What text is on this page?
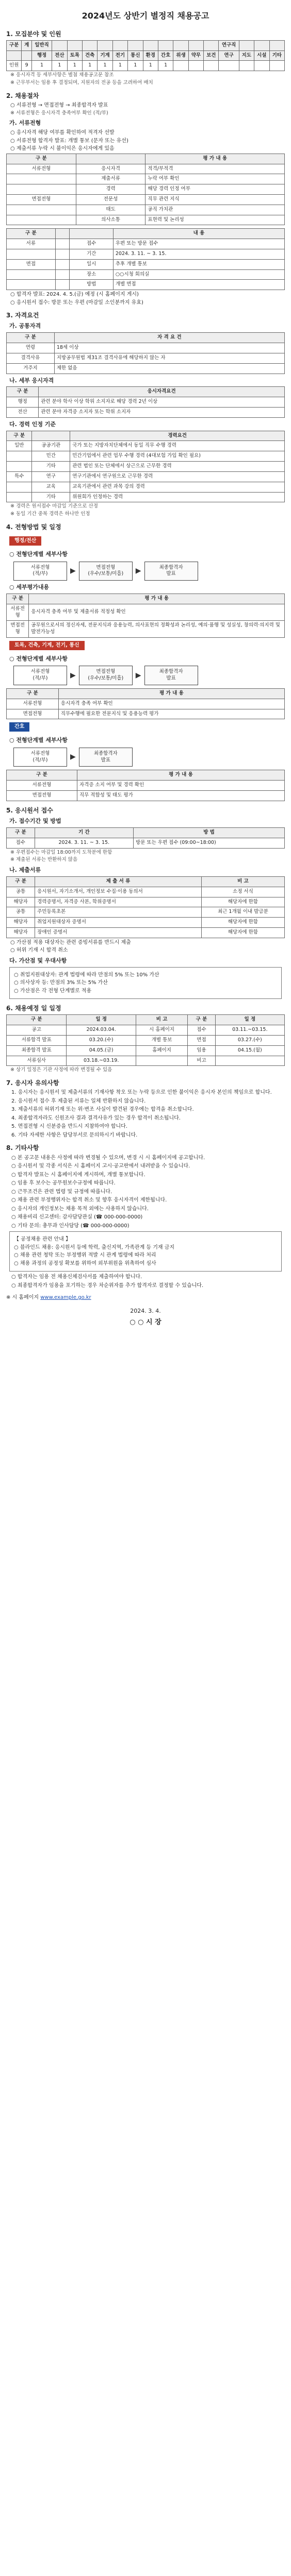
2024년도 상반기 별정직 채용공고
1. 모집분야 및 인원
구분	계	일반직												연구직			
		행정	전산	토목	건축	기계	전기	통신	환경	간호	위생	약무	보건	연구	지도	시설	기타
인원	9	1	1	1	1	1	1	1	1	1							
※ 응시자격 등 세부사항은 별첨 채용공고문 참조
※ 근무부서는 임용 후 결정되며, 지원자의 전공 등을 고려하여 배치
2. 채용절차
○ 서류전형 → 면접전형 → 최종합격자 발표
※ 서류전형은 응시자격 충족여부 확인 (적/부)
가. 서류전형

○ 응시자격 해당 여부를 확인하여 적격자 선발

○ 서류전형 합격자 발표: 개별 통보 (문자 또는 유선)

○ 제출서류 누락 시 불이익은 응시자에게 있음

구 분		평 가 내 용
서류전형	응시자격	적격/부적격
	제출서류	누락 여부 확인
	경력	해당 경력 인정 여부
면접전형	전문성	직무 관련 지식
	태도	공직 가치관
	의사소통	표현력 및 논리성
구 분			내 용
서류		접수	우편 또는 방문 접수
		기간	2024. 3. 11. ~ 3. 15.
면접		일시	추후 개별 통보
		장소	○○시청 회의실
		방법	개별 면접

○ 합격자 발표: 2024. 4. 5.(금) 예정 (시 홈페이지 게시)

○ 응시원서 접수: 방문 또는 우편 (마감일 소인분까지 유효)

3. 자격요건
가. 공통자격
구 분	자 격 요 건
연령	18세 이상
결격사유	지방공무원법 제31조 결격사유에 해당하지 않는 자
거주지	제한 없음
나. 세부 응시자격
구 분	응시자격요건
행정	관련 분야 학사 이상 학위 소지자로 해당 경력 2년 이상
전산	관련 분야 자격증 소지자 또는 학위 소지자
다. 경력 인정 기준
구 분		경력요건
일반	공공기관	국가 또는 지방자치단체에서 동일 직무 수행 경력
	민간	민간기업에서 관련 업무 수행 경력 (4대보험 가입 확인 필요)
	기타	관련 법인 또는 단체에서 상근으로 근무한 경력
특수	연구	연구기관에서 연구원으로 근무한 경력
	교육	교육기관에서 관련 과목 강의 경력
	기타	위원회가 인정하는 경력
※ 경력은 원서접수 마감일 기준으로 산정
※ 동일 기간 중복 경력은 하나만 인정
4. 전형방법 및 일정
행정/전산
○ 전형단계별 세부사항
서류전형
(적/부)	▶	면접전형
(우수/보통/미흡)	▶	최종합격자
발표
○ 세부평가내용
구 분	평 가 내 용
서류전형	응시자격 충족 여부 및 제출서류 적정성 확인
면접전형	공무원으로서의 정신자세, 전문지식과 응용능력, 의사표현의 정확성과 논리성, 예의·품행 및 성실성, 창의력·의지력 및 발전가능성
토목, 건축, 기계, 전기, 통신
○ 전형단계별 세부사항
서류전형
(적/부)	▶	면접전형
(우수/보통/미흡)	▶	최종합격자
발표
구 분	평 가 내 용
서류전형	응시자격 충족 여부 확인
면접전형	직무수행에 필요한 전문지식 및 응용능력 평가
간호
○ 전형단계별 세부사항
서류전형
(적/부)	▶	최종합격자
발표
구 분	평 가 내 용
서류전형	자격증 소지 여부 및 경력 확인
면접전형	직무 적합성 및 태도 평가
5. 응시원서 접수
가. 접수기간 및 방법
구 분	기 간	방 법
접수	2024. 3. 11. ~ 3. 15.	방문 또는 우편 접수 (09:00~18:00)
※ 우편접수는 마감일 18:00까지 도착분에 한함
※ 제출된 서류는 반환하지 않음
나. 제출서류
구 분	제 출 서 류	비 고
공통	응시원서, 자기소개서, 개인정보 수집·이용 동의서	소정 서식
해당자	경력증명서, 자격증 사본, 학위증명서	해당자에 한함
공통	주민등록초본	최근 1개월 이내 발급분
해당자	취업지원대상자 증명서	해당자에 한함
해당자	장애인 증명서	해당자에 한함

○ 가산점 적용 대상자는 관련 증빙서류를 반드시 제출

○ 허위 기재 시 합격 취소

다. 가산점 및 우대사항

○ 취업지원대상자: 관계 법령에 따라 만점의 5% 또는 10% 가산

○ 의사상자 등: 만점의 3% 또는 5% 가산

○ 가산점은 각 전형 단계별로 적용

6. 채용예정 일 일정
구 분	일 정	비 고	구 분	일 정
공고	2024.03.04.	시 홈페이지	접수	03.11.~03.15.
서류합격 발표	03.20.(수)	개별 통보	면접	03.27.(수)
최종합격 발표	04.05.(금)	홈페이지	임용	04.15.(월)
서류심사	03.18.~03.19.		비고	
※ 상기 일정은 기관 사정에 따라 변경될 수 있음
7. 응시자 유의사항

1. 응시자는 응시원서 및 제출서류의 기재사항 착오 또는 누락 등으로 인한 불이익은 응시자 본인의 책임으로 합니다.

2. 응시원서 접수 후 제출된 서류는 일체 반환하지 않습니다.

3. 제출서류의 허위기재 또는 위·변조 사실이 발견된 경우에는 합격을 취소합니다.

4. 최종합격자라도 신원조사 결과 결격사유가 있는 경우 합격이 취소됩니다.

5. 면접전형 시 신분증을 반드시 지참하여야 합니다.

6. 기타 자세한 사항은 담당부서로 문의하시기 바랍니다.

8. 기타사항

○ 본 공고문 내용은 사정에 따라 변경될 수 있으며, 변경 시 시 홈페이지에 공고합니다.

○ 응시원서 및 각종 서식은 시 홈페이지 고시·공고란에서 내려받을 수 있습니다.

○ 합격자 발표는 시 홈페이지에 게시하며, 개별 통보합니다.

○ 임용 후 보수는 공무원보수규정에 따릅니다.

○ 근무조건은 관련 법령 및 규정에 따릅니다.

○ 채용 관련 부정행위자는 합격 취소 및 향후 응시자격이 제한됩니다.

○ 응시자의 개인정보는 채용 목적 외에는 사용하지 않습니다.

○ 채용비리 신고센터: 감사담당관실 (☎ 000-000-0000)

○ 기타 문의: 총무과 인사담당 (☎ 000-000-0000)

【 공정채용 관련 안내 】

○ 블라인드 채용: 응시원서 등에 학력, 출신지역, 가족관계 등 기재 금지

○ 채용 관련 청탁 또는 부정행위 적발 시 관계 법령에 따라 처리

○ 채용 과정의 공정성 확보를 위하여 외부위원을 위촉하여 심사

○ 합격자는 임용 전 채용신체검사서를 제출하여야 합니다.

○ 최종합격자가 임용을 포기하는 경우 차순위자를 추가 합격자로 결정할 수 있습니다.

※ 시 홈페이지 www.example.go.kr
2024. 3. 4.
○ ○ 시 장
